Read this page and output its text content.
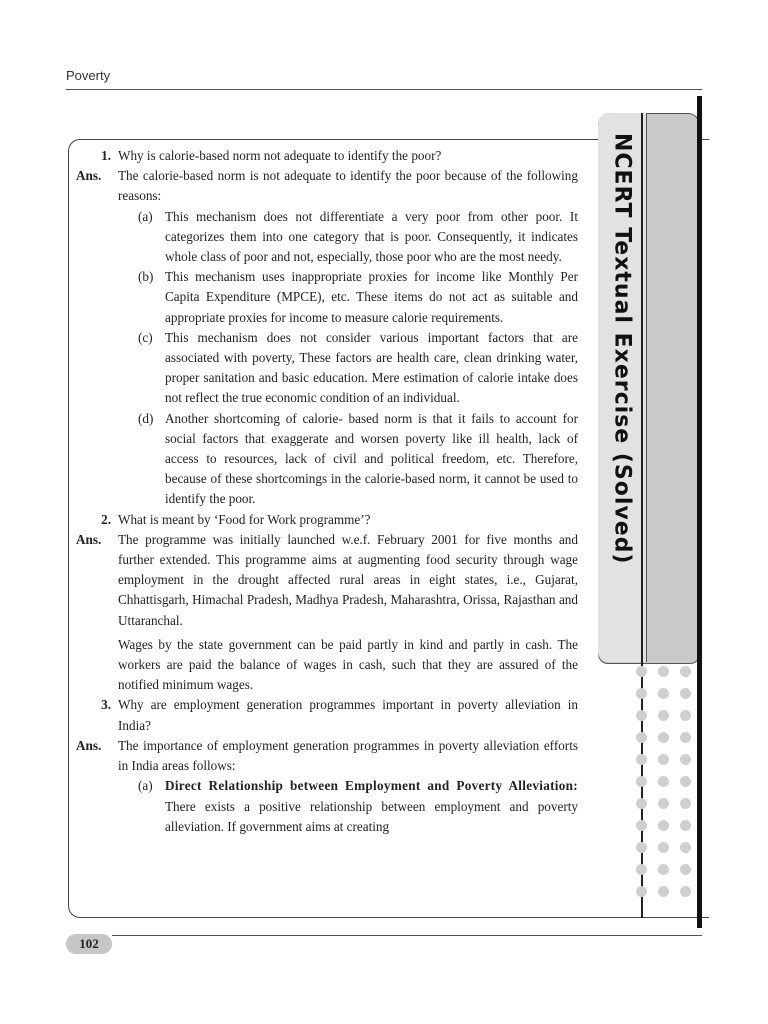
Poverty
NCERT Textual Exercise (Solved)
1. Why is calorie-based norm not adequate to identify the poor?
Ans.	The calorie-based norm is not adequate to identify the poor because of the following reasons:
(a) This mechanism does not differentiate a very poor from other poor. It categorizes them into one category that is poor. Consequently, it indicates whole class of poor and not, especially, those poor who are the most needy.
(b) This mechanism uses inappropriate proxies for income like Monthly Per Capita Expenditure (MPCE), etc. These items do not act as suitable and appropriate proxies for income to measure calorie requirements.
(c) This mechanism does not consider various important factors that are associated with poverty, These factors are health care, clean drinking water, proper sanitation and basic education. Mere estimation of calorie intake does not reflect the true economic condition of an individual.
(d) Another shortcoming of calorie- based norm is that it fails to account for social factors that exaggerate and worsen poverty like ill health, lack of access to resources, lack of civil and political freedom, etc. Therefore, because of these shortcomings in the calorie-based norm, it cannot be used to identify the poor.
2. What is meant by ‘Food for Work programme’?
Ans.	The programme was initially launched w.e.f. February 2001 for five months and further extended. This programme aims at augmenting food security through wage employment in the drought affected rural areas in eight states, i.e., Gujarat, Chhattisgarh, Himachal Pradesh, Madhya Pradesh, Maharashtra, Orissa, Rajasthan and Uttaranchal.
Wages by the state government can be paid partly in kind and partly in cash. The workers are paid the balance of wages in cash, such that they are assured of the notified minimum wages.
3. Why are employment generation programmes important in poverty alleviation in India?
Ans.	The importance of employment generation programmes in poverty alleviation efforts in India areas follows:
(a) Direct Relationship between Employment and Poverty Alleviation: There exists a positive relationship between employment and poverty alleviation. If government aims at creating
102
